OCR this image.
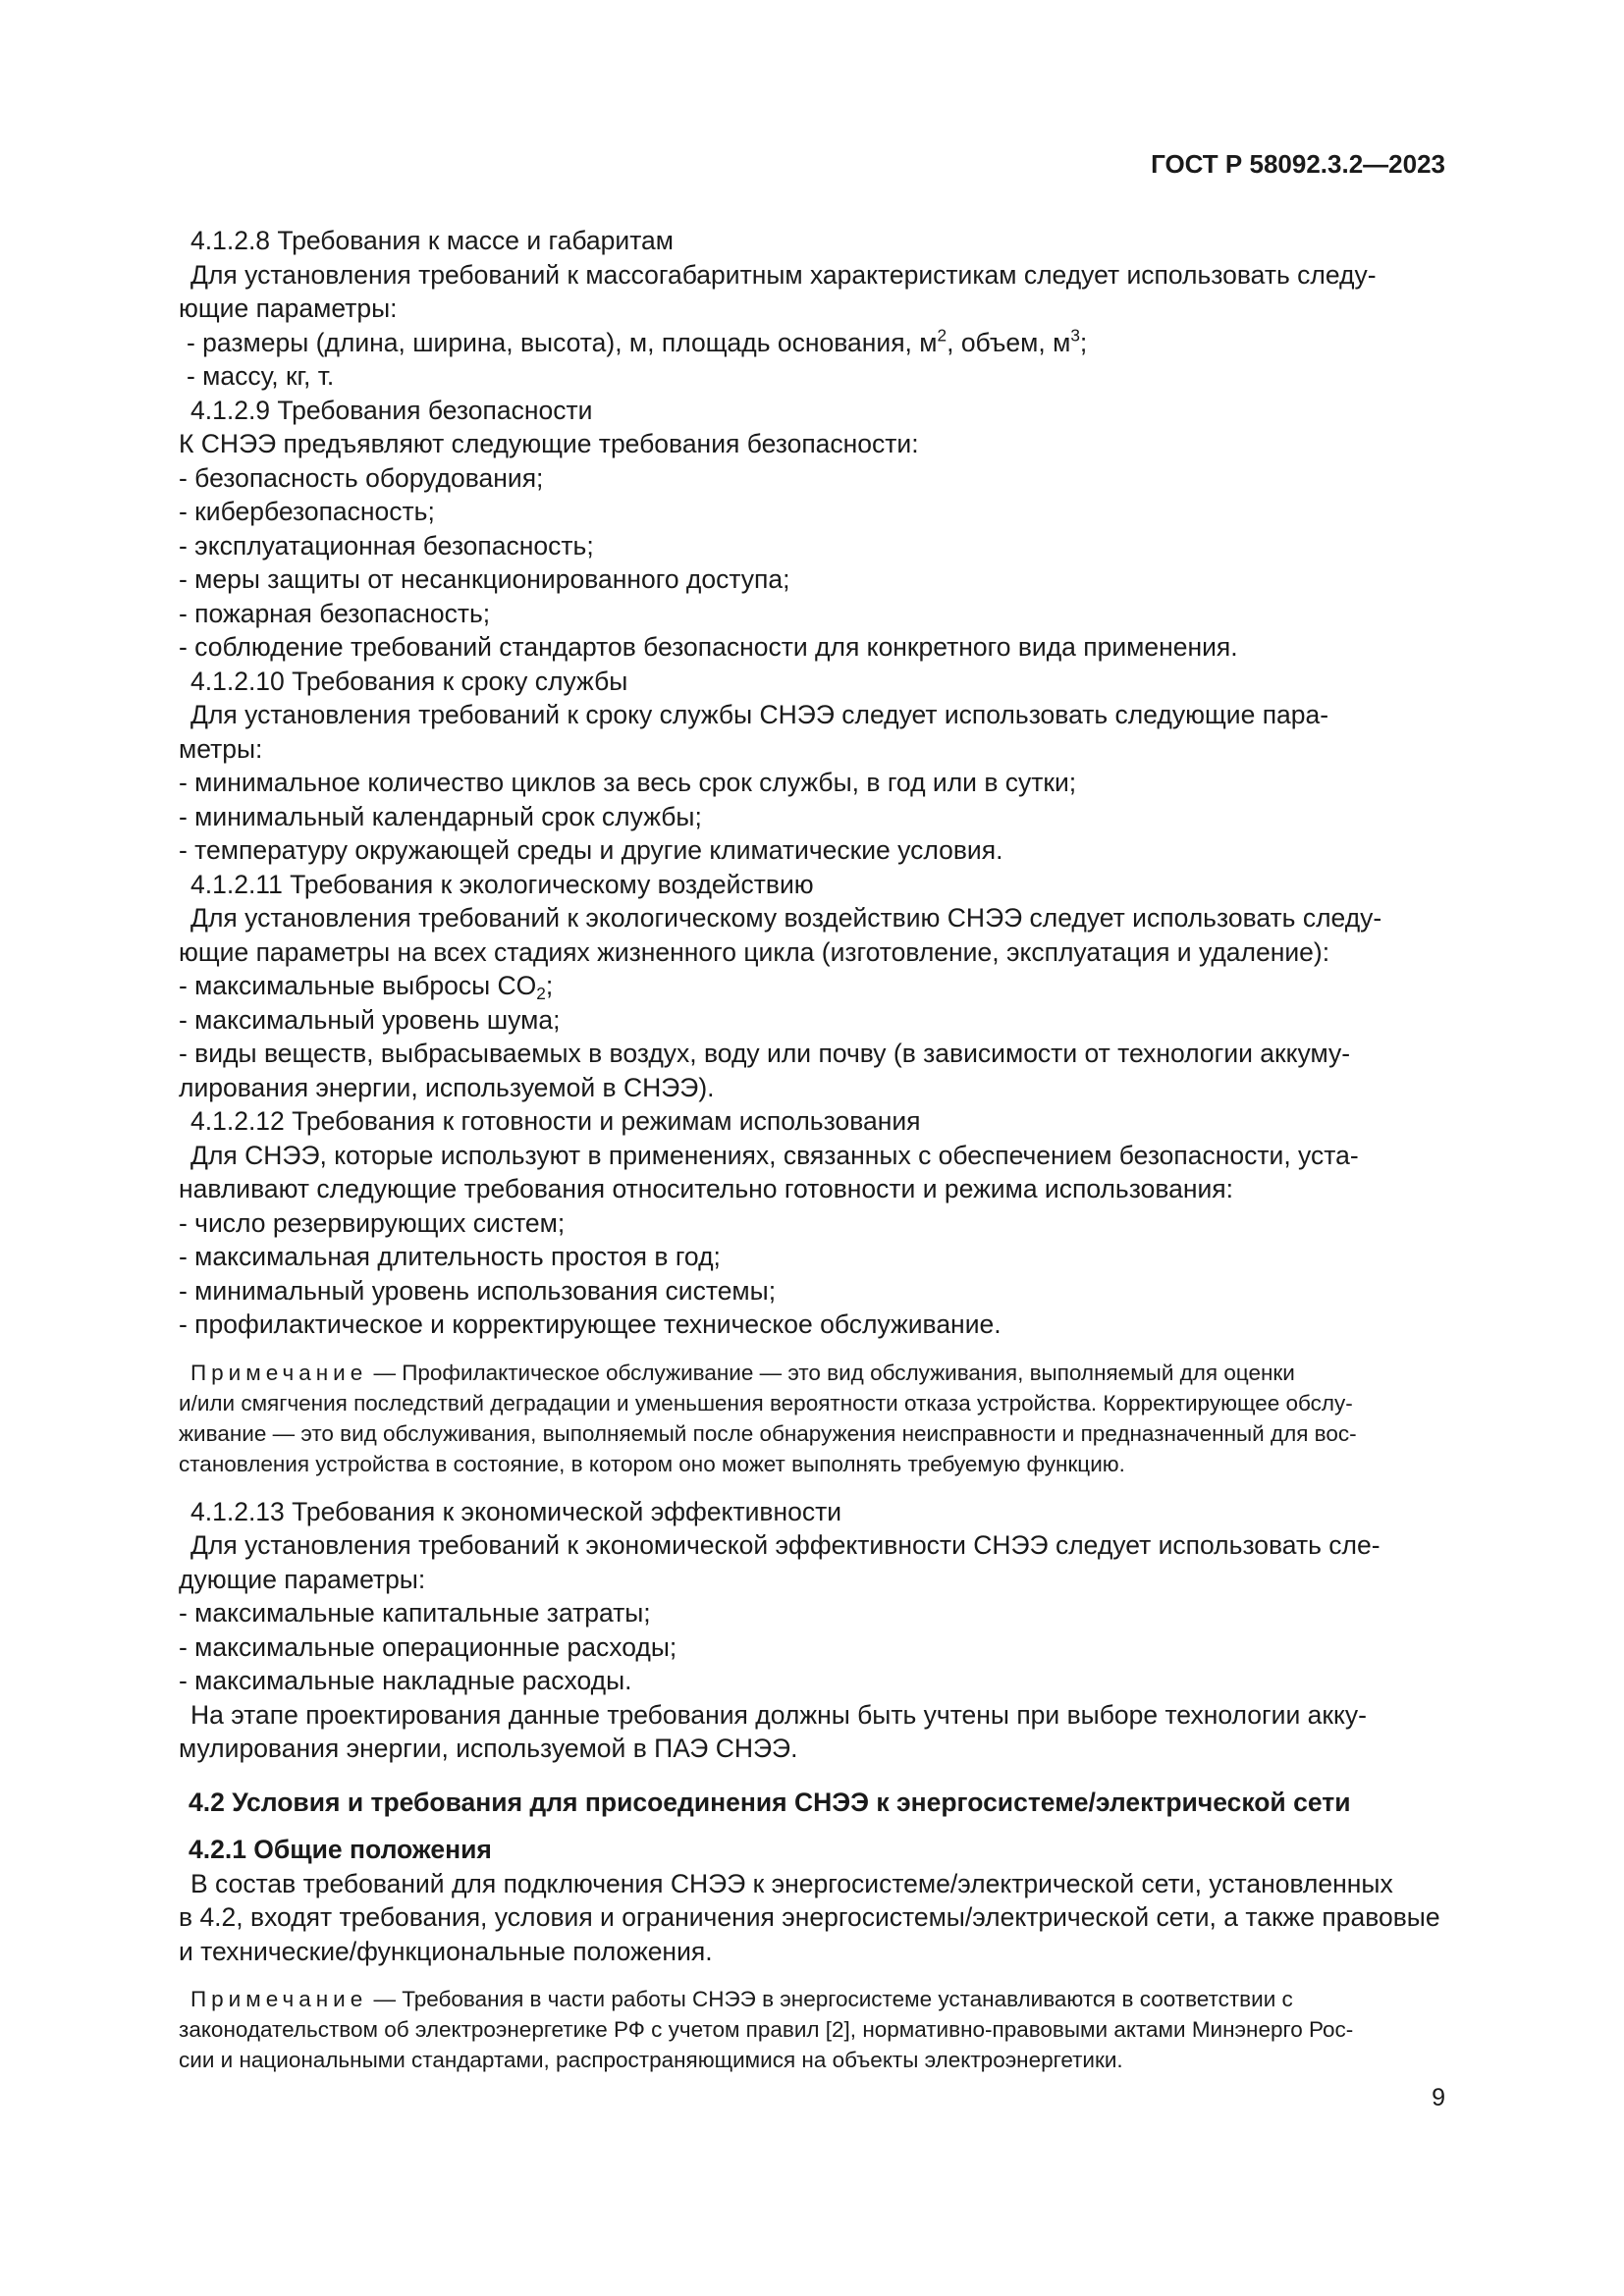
ГОСТ Р 58092.3.2—2023

4.1.2.8 Требования к массе и габаритам

Для установления требований к массогабаритным характеристикам следует использовать следу-

ющие параметры:

- размеры (длина, ширина, высота), м, площадь основания, $м^2$, объем, $м^3$;

- массу, кг, т.

4.1.2.9 Требования безопасности

К СНЭЭ предъявляют следующие требования безопасности:

- безопасность оборудования;

- кибербезопасность;

- эксплуатационная безопасность;

- меры защиты от несанкционированного доступа;

- пожарная безопасность;

- соблюдение требований стандартов безопасности для конкретного вида применения.

4.1.2.10 Требования к сроку службы

Для установления требований к сроку службы СНЭЭ следует использовать следующие пара-

метры:

- минимальное количество циклов за весь срок службы, в год или в сутки;

- минимальный календарный срок службы;

- температуру окружающей среды и другие климатические условия.

4.1.2.11 Требования к экологическому воздействию

Для установления требований к экологическому воздействию СНЭЭ следует использовать следу-

ющие параметры на всех стадиях жизненного цикла (изготовление, эксплуатация и удаление):

- максимальные выбросы $CO_2$;

- максимальный уровень шума;

- виды веществ, выбрасываемых в воздух, воду или почву (в зависимости от технологии аккуму-

лирования энергии, используемой в СНЭЭ).

4.1.2.12 Требования к готовности и режимам использования

Для СНЭЭ, которые используют в применениях, связанных с обеспечением безопасности, уста-

навливают следующие требования относительно готовности и режима использования:

- число резервирующих систем;

- максимальная длительность простоя в год;

- минимальный уровень использования системы;

- профилактическое и корректирующее техническое обслуживание.

Примечание — Профилактическое обслуживание — это вид обслуживания, выполняемый для оценки

и/или смягчения последствий деградации и уменьшения вероятности отказа устройства. Корректирующее обслу-

живание — это вид обслуживания, выполняемый после обнаружения неисправности и предназначенный для вос-

становления устройства в состояние, в котором оно может выполнять требуемую функцию.

4.1.2.13 Требования к экономической эффективности

Для установления требований к экономической эффективности СНЭЭ следует использовать сле-

дующие параметры:

- максимальные капитальные затраты;

- максимальные операционные расходы;

- максимальные накладные расходы.

На этапе проектирования данные требования должны быть учтены при выборе технологии акку-

мулирования энергии, используемой в ПАЭ СНЭЭ.

4.2 Условия и требования для присоединения СНЭЭ к энергосистеме/электрической сети

4.2.1 Общие положения

В состав требований для подключения СНЭЭ к энергосистеме/электрической сети, установленных

в 4.2, входят требования, условия и ограничения энергосистемы/электрической сети, а также правовые

и технические/функциональные положения.

Примечание — Требования в части работы СНЭЭ в энергосистеме устанавливаются в соответствии с

законодательством об электроэнергетике РФ с учетом правил [2], нормативно-правовыми актами Минэнерго Рос-

сии и национальными стандартами, распространяющимися на объекты электроэнергетики.

9
